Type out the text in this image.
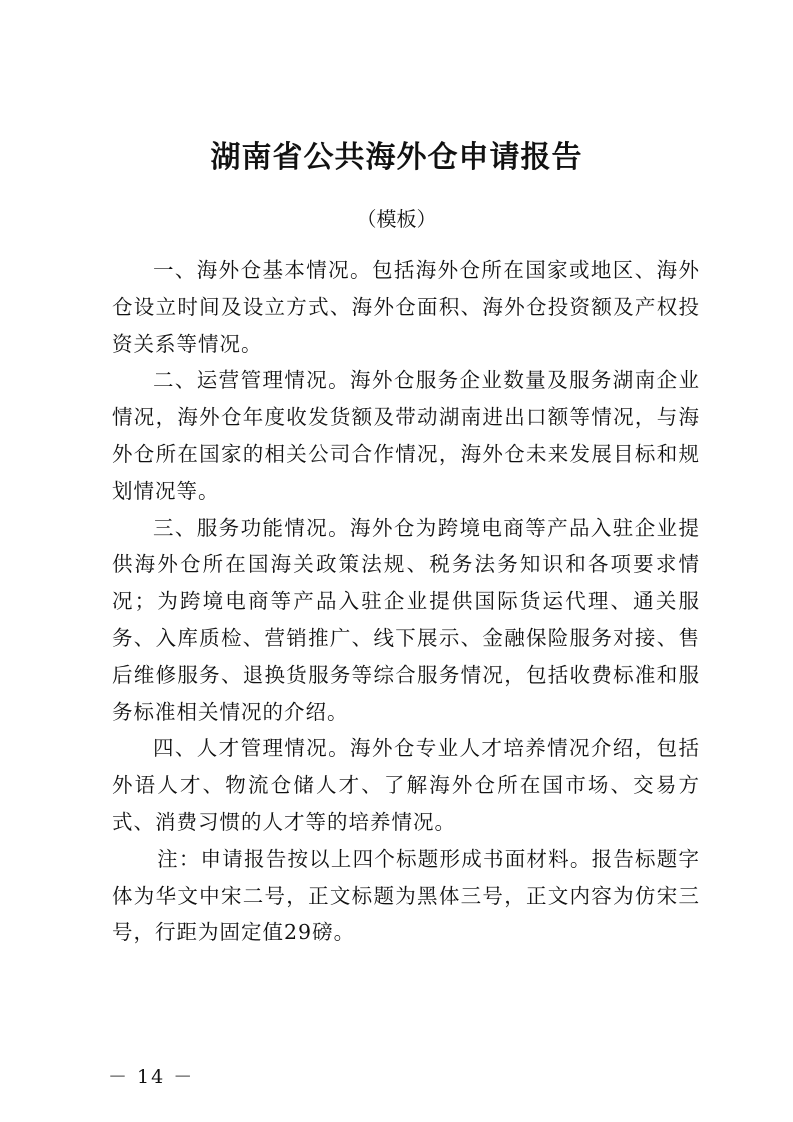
湖南省公共海外仓申请报告
（模板）

一、海外仓基本情况。包括海外仓所在国家或地区、海外仓设立时间及设立方式、海外仓面积、海外仓投资额及产权投资关系等情况。

二、运营管理情况。海外仓服务企业数量及服务湖南企业情况，海外仓年度收发货额及带动湖南进出口额等情况，与海外仓所在国家的相关公司合作情况，海外仓未来发展目标和规划情况等。

三、服务功能情况。海外仓为跨境电商等产品入驻企业提供海外仓所在国海关政策法规、税务法务知识和各项要求情况；为跨境电商等产品入驻企业提供国际货运代理、通关服务、入库质检、营销推广、线下展示、金融保险服务对接、售后维修服务、退换货服务等综合服务情况，包括收费标准和服务标准相关情况的介绍。

四、人才管理情况。海外仓专业人才培养情况介绍，包括外语人才、物流仓储人才、了解海外仓所在国市场、交易方式、消费习惯的人才等的培养情况。

注：申请报告按以上四个标题形成书面材料。报告标题字体为华文中宋二号，正文标题为黑体三号，正文内容为仿宋三号，行距为固定值29磅。

－ 14 －
